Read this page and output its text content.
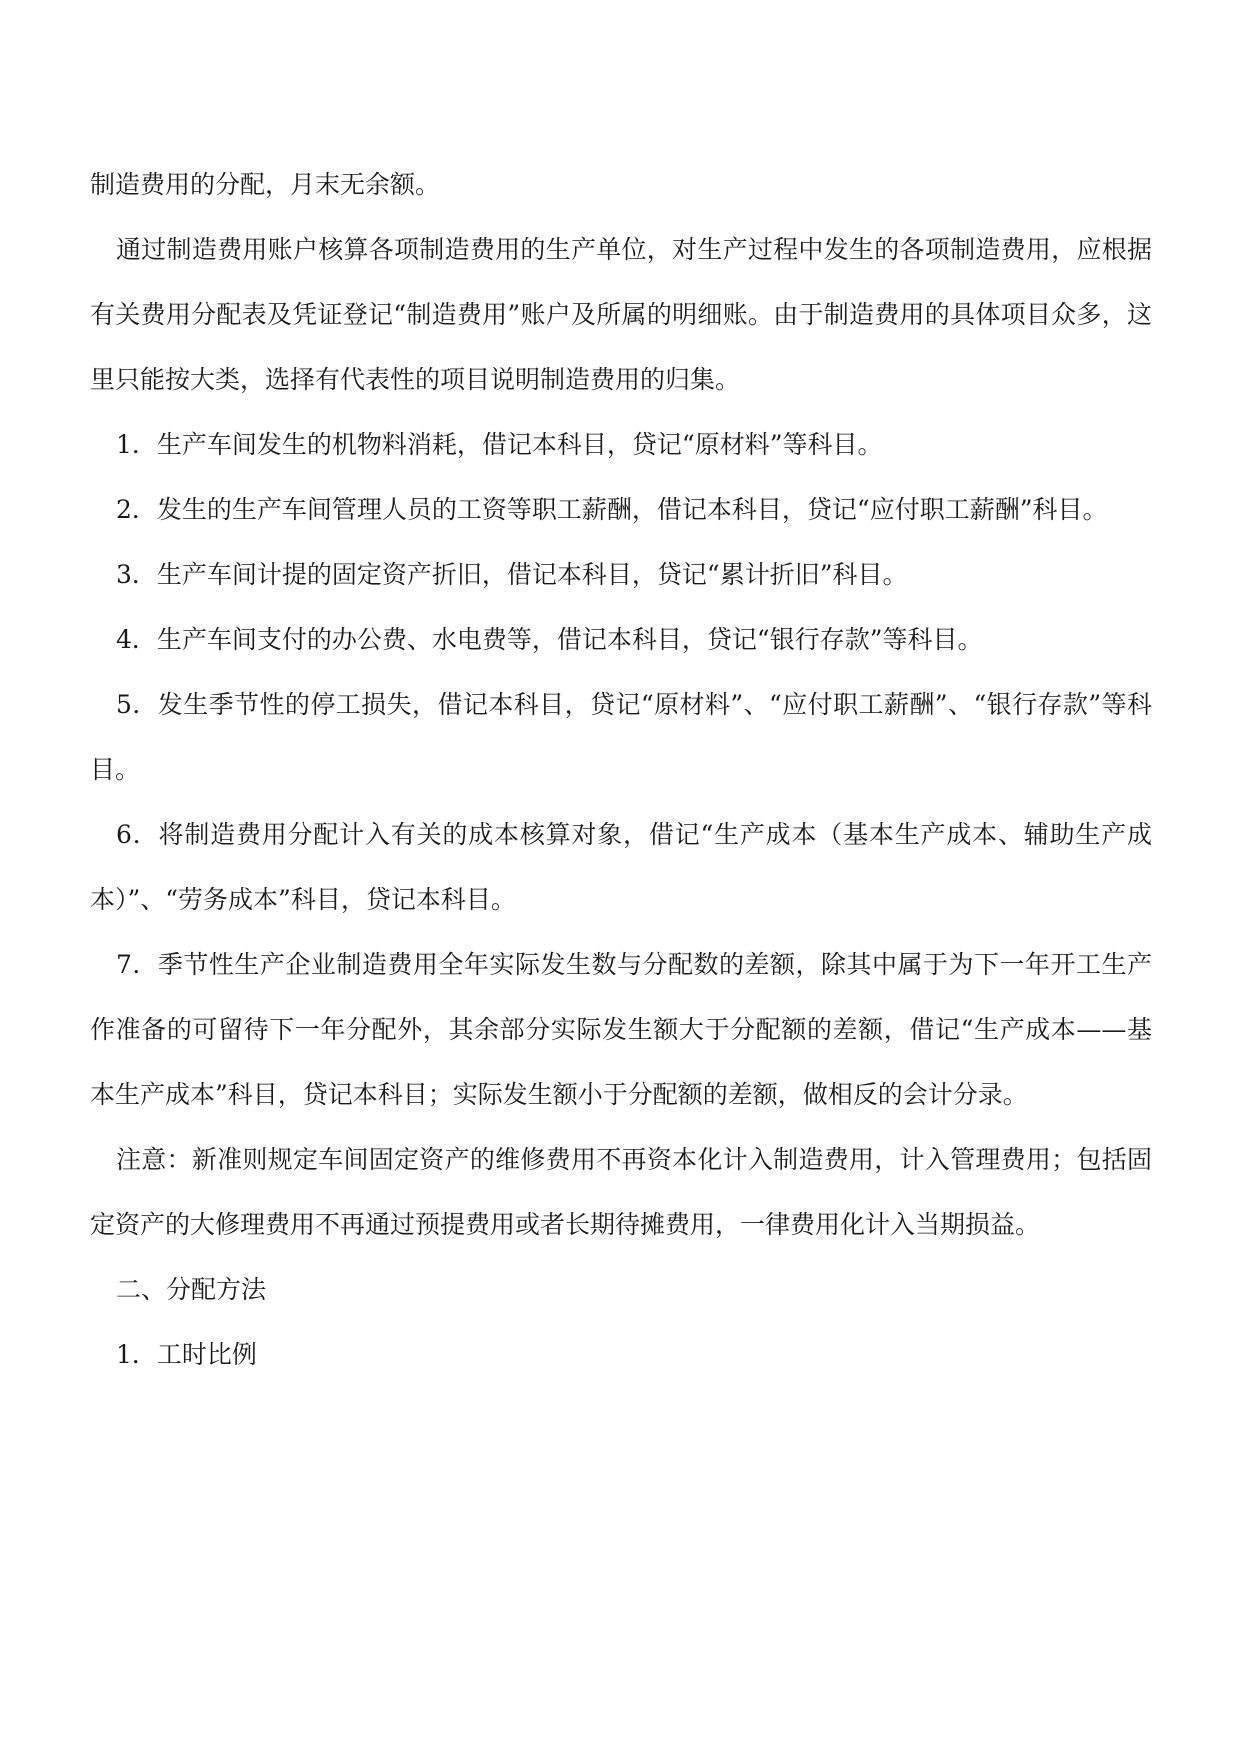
制造费用的分配，月末无余额。

通过制造费用账户核算各项制造费用的生产单位，对生产过程中发生的各项制造费用，应根据有关费用分配表及凭证登记“制造费用”账户及所属的明细账。由于制造费用的具体项目众多，这里只能按大类，选择有代表性的项目说明制造费用的归集。

1．生产车间发生的机物料消耗，借记本科目，贷记“原材料”等科目。

2．发生的生产车间管理人员的工资等职工薪酬，借记本科目，贷记“应付职工薪酬”科目。

3．生产车间计提的固定资产折旧，借记本科目，贷记“累计折旧”科目。

4．生产车间支付的办公费、水电费等，借记本科目，贷记“银行存款”等科目。

5．发生季节性的停工损失，借记本科目，贷记“原材料”、“应付职工薪酬”、“银行存款”等科目。

6．将制造费用分配计入有关的成本核算对象，借记“生产成本（基本生产成本、辅助生产成本）”、“劳务成本”科目，贷记本科目。

7．季节性生产企业制造费用全年实际发生数与分配数的差额，除其中属于为下一年开工生产作准备的可留待下一年分配外，其余部分实际发生额大于分配额的差额，借记“生产成本——基本生产成本”科目，贷记本科目；实际发生额小于分配额的差额，做相反的会计分录。

注意：新准则规定车间固定资产的维修费用不再资本化计入制造费用，计入管理费用；包括固定资产的大修理费用不再通过预提费用或者长期待摊费用，一律费用化计入当期损益。

二、分配方法

1．工时比例
